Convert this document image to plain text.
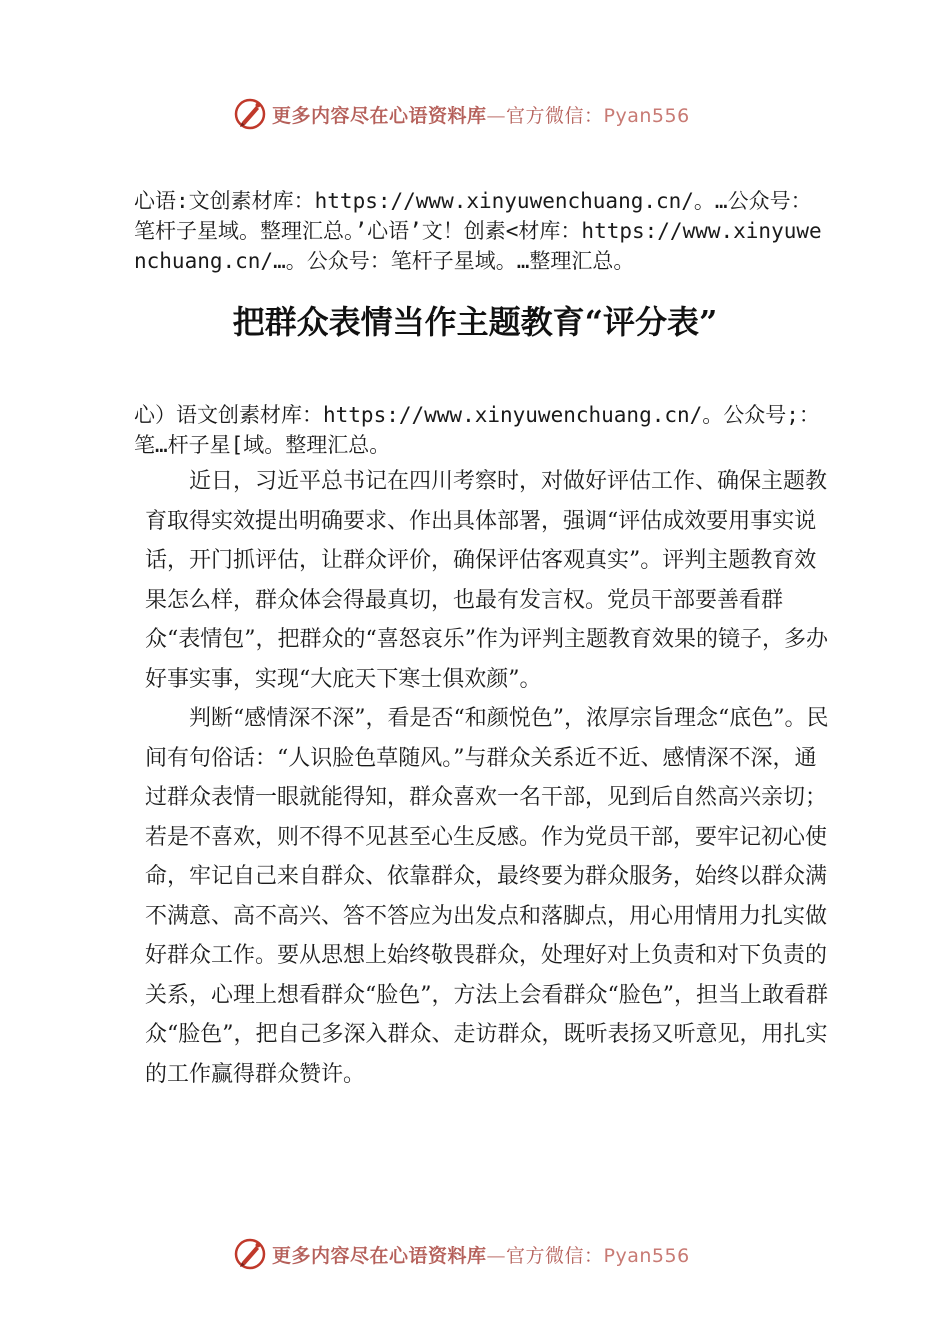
更多内容尽在心语资料库—官方微信：Pyan556

心语:文创素材库：https://www.xinyuwenchuang.cn/。…公众号：笔杆子星域。整理汇总。’心语’文！创素<材库：https://www.xinyuwenchuang.cn/…。公众号：笔杆子星域。…整理汇总。

把群众表情当作主题教育“评分表”

心）语文创素材库：https://www.xinyuwenchuang.cn/。公众号;：笔…杆子星[域。整理汇总。

近日，习近平总书记在四川考察时，对做好评估工作、确保主题教育取得实效提出明确要求、作出具体部署，强调“评估成效要用事实说话，开门抓评估，让群众评价，确保评估客观真实”。评判主题教育效果怎么样，群众体会得最真切，也最有发言权。党员干部要善看群众“表情包”，把群众的“喜怒哀乐”作为评判主题教育效果的镜子，多办好事实事，实现“大庇天下寒士俱欢颜”。

判断“感情深不深”，看是否“和颜悦色”，浓厚宗旨理念“底色”。民间有句俗话：“人识脸色草随风。”与群众关系近不近、感情深不深，通过群众表情一眼就能得知，群众喜欢一名干部，见到后自然高兴亲切；若是不喜欢，则不得不见甚至心生反感。作为党员干部，要牢记初心使命，牢记自己来自群众、依靠群众，最终要为群众服务，始终以群众满不满意、高不高兴、答不答应为出发点和落脚点，用心用情用力扎实做好群众工作。要从思想上始终敬畏群众，处理好对上负责和对下负责的关系，心理上想看群众“脸色”，方法上会看群众“脸色”，担当上敢看群众“脸色”，把自己多深入群众、走访群众，既听表扬又听意见，用扎实的工作赢得群众赞许。

更多内容尽在心语资料库—官方微信：Pyan556
